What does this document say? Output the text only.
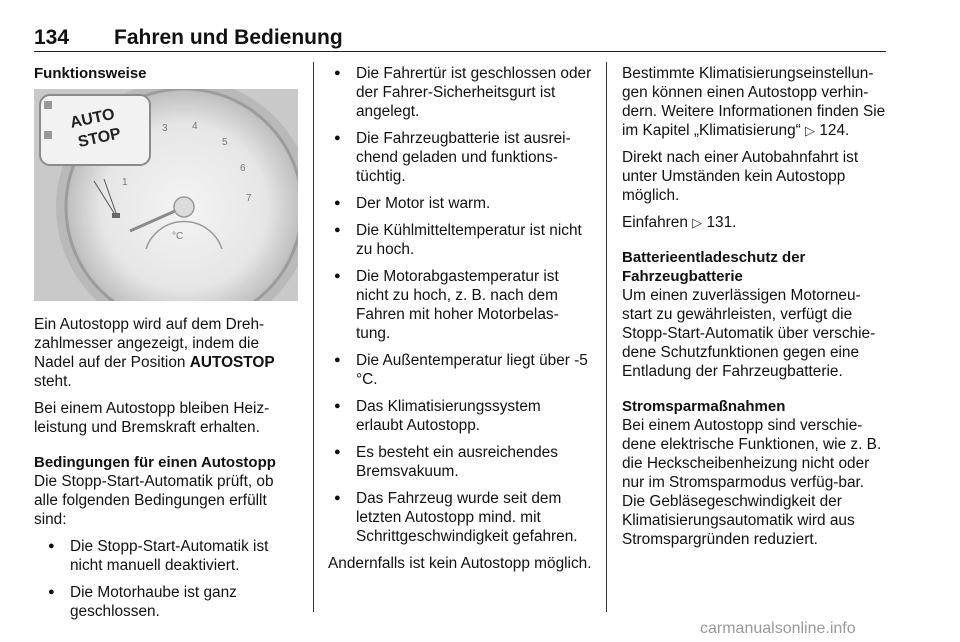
134 Fahren und Bedienung
Funktionsweise
1
3 4
5
6
7
°C
AUTO
STOP

Ein Autostopp wird auf dem Dreh-zahlmesser angezeigt, indem die Nadel auf der Position AUTOSTOP steht.

Bei einem Autostopp bleiben Heiz-leistung und Bremskraft erhalten.

Bedingungen für einen Autostopp

Die Stopp-Start-Automatik prüft, ob alle folgenden Bedingungen erfüllt sind:

● Die Stopp-Start-Automatik ist nicht manuell deaktiviert.
● Die Motorhaube ist ganz geschlossen.
● Die Fahrertür ist geschlossen oder der Fahrer-Sicherheitsgurt ist angelegt.
● Die Fahrzeugbatterie ist ausrei-chend geladen und funktions-tüchtig.
● Der Motor ist warm.
● Die Kühlmitteltemperatur ist nicht zu hoch.
● Die Motorabgastemperatur ist nicht zu hoch, z. B. nach dem Fahren mit hoher Motorbelas-tung.
● Die Außentemperatur liegt über -5 °C.
● Das Klimatisierungssystem erlaubt Autostopp.
● Es besteht ein ausreichendes Bremsvakuum.
● Das Fahrzeug wurde seit dem letzten Autostopp mind. mit Schrittgeschwindigkeit gefahren.

Andernfalls ist kein Autostopp möglich.

Bestimmte Klimatisierungseinstellun-gen können einen Autostopp verhin-dern. Weitere Informationen finden Sie im Kapitel „Klimatisierung“ ▷ 124.

Direkt nach einer Autobahnfahrt ist unter Umständen kein Autostopp möglich.

Einfahren ▷ 131.

Batterieentladeschutz der Fahrzeugbatterie

Um einen zuverlässigen Motorneu-start zu gewährleisten, verfügt die Stopp-Start-Automatik über verschie-dene Schutzfunktionen gegen eine Entladung der Fahrzeugbatterie.

Stromsparmaßnahmen

Bei einem Autostopp sind verschie-dene elektrische Funktionen, wie z. B. die Heckscheibenheizung nicht oder nur im Stromsparmodus verfüg-bar. Die Gebläsegeschwindigkeit der Klimatisierungsautomatik wird aus Stromspargründen reduziert.

carmanualsonline.info
